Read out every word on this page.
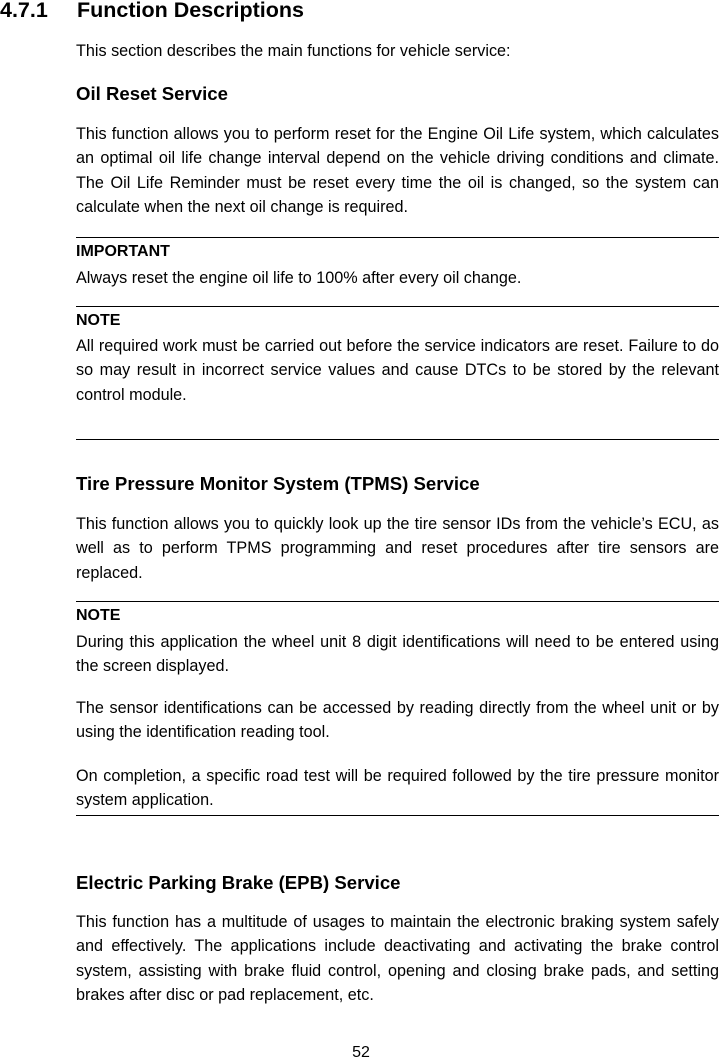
4.7.1 Function Descriptions
This section describes the main functions for vehicle service:
Oil Reset Service
This function allows you to perform reset for the Engine Oil Life system, which calculates an optimal oil life change interval depend on the vehicle driving conditions and climate. The Oil Life Reminder must be reset every time the oil is changed, so the system can calculate when the next oil change is required.
IMPORTANT
Always reset the engine oil life to 100% after every oil change.
NOTE
All required work must be carried out before the service indicators are reset. Failure to do so may result in incorrect service values and cause DTCs to be stored by the relevant control module.
Tire Pressure Monitor System (TPMS) Service
This function allows you to quickly look up the tire sensor IDs from the vehicle’s ECU, as well as to perform TPMS programming and reset procedures after tire sensors are replaced.
NOTE
During this application the wheel unit 8 digit identifications will need to be entered using the screen displayed.
The sensor identifications can be accessed by reading directly from the wheel unit or by using the identification reading tool.
On completion, a specific road test will be required followed by the tire pressure monitor system application.
Electric Parking Brake (EPB) Service
This function has a multitude of usages to maintain the electronic braking system safely and effectively. The applications include deactivating and activating the brake control system, assisting with brake fluid control, opening and closing brake pads, and setting brakes after disc or pad replacement, etc.
52
